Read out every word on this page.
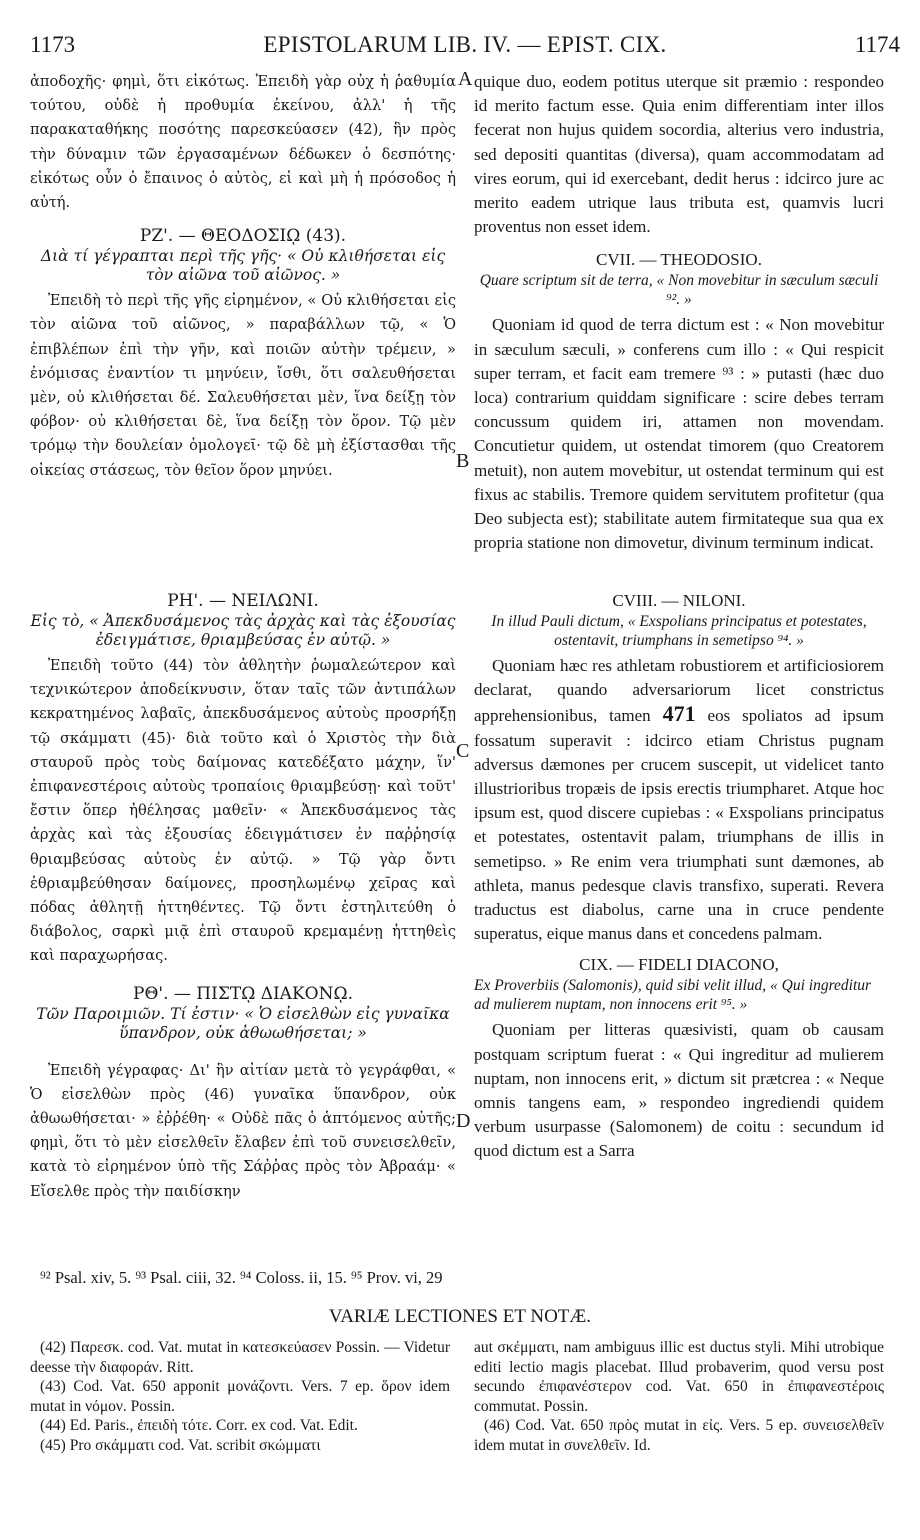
1173	EPISTOLARUM LIB. IV. — EPIST. CIX.	1174

ἀποδοχῆς· φημὶ, ὅτι εἰκότως. Ἐπειδὴ γὰρ οὐχ ἡ ῥαθυμία τούτου, οὐδὲ ἡ προθυμία ἐκείνου, ἀλλ' ἡ τῆς παρακαταθήκης ποσότης παρεσκεύασεν (42), ἣν πρὸς τὴν δύναμιν τῶν ἐργασαμένων δέδωκεν ὁ δεσπότης· εἰκότως οὖν ὁ ἔπαινος ὁ αὐτὸς, εἰ καὶ μὴ ἡ πρόσοδος ἡ αὐτή.

ΡΖ'. — ΘΕΟΔΟΣΙῼ (43).
Διὰ τί γέγραπται περὶ τῆς γῆς· « Οὐ κλιθήσεται εἰς τὸν αἰῶνα τοῦ αἰῶνος. »

Ἐπειδὴ τὸ περὶ τῆς γῆς εἰρημένον, « Οὐ κλιθήσεται εἰς τὸν αἰῶνα τοῦ αἰῶνος, » παραβάλλων τῷ, « Ὁ ἐπιβλέπων ἐπὶ τὴν γῆν, καὶ ποιῶν αὐτὴν τρέμειν, » ἐνόμισας ἐναντίον τι μηνύειν, ἴσθι, ὅτι σαλευθήσεται μὲν, οὐ κλιθήσεται δέ. Σαλευθήσεται μὲν, ἵνα δείξῃ τὸν φόβον· οὐ κλιθήσεται δὲ, ἵνα δείξῃ τὸν ὅρον. Τῷ μὲν τρόμῳ τὴν δουλείαν ὁμολογεῖ· τῷ δὲ μὴ ἐξίστασθαι τῆς οἰκείας στάσεως, τὸν θεῖον ὅρον μηνύει.

quique duo, eodem potitus uterque sit præmio : respondeo id merito factum esse. Quia enim differentiam inter illos fecerat non hujus quidem socordia, alterius vero industria, sed depositi quantitas (diversa), quam accommodatam ad vires eorum, qui id exercebant, dedit herus : idcirco jure ac merito eadem utrique laus tributa est, quamvis lucri proventus non esset idem.

CVII. — THEODOSIO.
Quare scriptum sit de terra, « Non movebitur in sæculum sæculi ⁹². »

Quoniam id quod de terra dictum est : « Non movebitur in sæculum sæculi, » conferens cum illo : « Qui respicit super terram, et facit eam tremere ⁹³ : » putasti (hæc duo loca) contrarium quiddam significare : scire debes terram concussum quidem iri, attamen non movendam. Concutietur quidem, ut ostendat timorem (quo Creatorem metuit), non autem movebitur, ut ostendat terminum qui est fixus ac stabilis. Tremore quidem servitutem profitetur (qua Deo subjecta est); stabilitate autem firmitateque sua qua ex propria statione non dimovetur, divinum terminum indicat.

A
B
C
D
ΡΗ'. — ΝΕΙΛΩΝΙ.
Εἰς τὸ, « Ἀπεκδυσάμενος τὰς ἀρχὰς καὶ τὰς ἐξουσίας ἐδειγμάτισε, θριαμβεύσας ἐν αὐτῷ. »

Ἐπειδὴ τοῦτο (44) τὸν ἀθλητὴν ῥωμαλεώτερον καὶ τεχνικώτερον ἀποδείκνυσιν, ὅταν ταῖς τῶν ἀντιπάλων κεκρατημένος λαβαῖς, ἀπεκδυσάμενος αὐτοὺς προσρήξῃ τῷ σκάμματι (45)· διὰ τοῦτο καὶ ὁ Χριστὸς τὴν διὰ σταυροῦ πρὸς τοὺς δαίμονας κατεδέξατο μάχην, ἵν' ἐπιφανεστέροις αὐτοὺς τροπαίοις θριαμβεύσῃ· καὶ τοῦτ' ἔστιν ὅπερ ἠθέλησας μαθεῖν· « Ἀπεκδυσάμενος τὰς ἀρχὰς καὶ τὰς ἐξουσίας ἐδειγμάτισεν ἐν παῤῥησίᾳ θριαμβεύσας αὐτοὺς ἐν αὐτῷ. » Τῷ γὰρ ὄντι ἐθριαμβεύθησαν δαίμονες, προσηλωμένῳ χεῖρας καὶ πόδας ἀθλητῇ ἡττηθέντες. Τῷ ὄντι ἐστηλιτεύθη ὁ διάβολος, σαρκὶ μιᾷ ἐπὶ σταυροῦ κρεμαμένῃ ἡττηθεὶς καὶ παραχωρήσας.

ΡΘ'. — ΠΙΣΤῼ ΔΙΑΚΟΝῼ.
Τῶν Παροιμιῶν. Τί ἐστιν· « Ὁ εἰσελθὼν εἰς γυναῖκα ὕπανδρον, οὐκ ἀθωωθήσεται; »

Ἐπειδὴ γέγραφας· Δι' ἣν αἰτίαν μετὰ τὸ γεγράφθαι, « Ὁ εἰσελθὼν πρὸς (46) γυναῖκα ὕπανδρον, οὐκ ἀθωωθήσεται· » ἐῤῥέθη· « Οὐδὲ πᾶς ὁ ἁπτόμενος αὐτῆς; φημὶ, ὅτι τὸ μὲν εἰσελθεῖν ἔλαβεν ἐπὶ τοῦ συνεισελθεῖν, κατὰ τὸ εἰρημένον ὑπὸ τῆς Σάῤῥας πρὸς τὸν Ἀβραάμ· « Εἴσελθε πρὸς τὴν παιδίσκην

CVIII. — NILONI.
In illud Pauli dictum, « Exspolians principatus et potestates, ostentavit, triumphans in semetipso ⁹⁴. »

Quoniam hæc res athletam robustiorem et artificiosiorem declarat, quando adversariorum licet constrictus apprehensionibus, tamen 471 eos spoliatos ad ipsum fossatum superavit : idcirco etiam Christus pugnam adversus dæmones per crucem suscepit, ut videlicet tanto illustrioribus tropæis de ipsis erectis triumpharet. Atque hoc ipsum est, quod discere cupiebas : « Exspolians principatus et potestates, ostentavit palam, triumphans de illis in semetipso. » Re enim vera triumphati sunt dæmones, ab athleta, manus pedesque clavis transfixo, superati. Revera traductus est diabolus, carne una in cruce pendente superatus, eique manus dans et concedens palmam.

CIX. — FIDELI DIACONO,
Ex Proverbiis (Salomonis), quid sibi velit illud, « Qui ingreditur ad mulierem nuptam, non innocens erit ⁹⁵. »

Quoniam per litteras quæsivisti, quam ob causam postquam scriptum fuerat : « Qui ingreditur ad mulierem nuptam, non innocens erit, » dictum sit prætcrea : « Neque omnis tangens eam, » respondeo ingrediendi quidem verbum usurpasse (Salomonem) de coitu : secundum id quod dictum est a Sarra

⁹² Psal. xiv, 5. ⁹³ Psal. ciii, 32. ⁹⁴ Coloss. ii, 15. ⁹⁵ Prov. vi, 29
VARIÆ LECTIONES ET NOTÆ.

(42) Παρεσκ. cod. Vat. mutat in κατεσκεύασεν Possin. — Videtur deesse τὴν διαφοράν. Ritt.

(43) Cod. Vat. 650 apponit μονάζοντι. Vers. 7 ep. ὅρον idem mutat in νόμον. Possin.

(44) Ed. Paris., ἐπειδὴ τότε. Corr. ex cod. Vat. Edit.

(45) Pro σκάμματι cod. Vat. scribit σκώμματι

aut σκέμματι, nam ambiguus illic est ductus styli. Mihi utrobique editi lectio magis placebat. Illud probaverim, quod versu post secundo ἐπιφανέστερον cod. Vat. 650 in ἐπιφανεστέροις commutat. Possin.

(46) Cod. Vat. 650 πρὸς mutat in εἰς. Vers. 5 ep. συνεισελθεῖν idem mutat in συνελθεῖν. Id.
